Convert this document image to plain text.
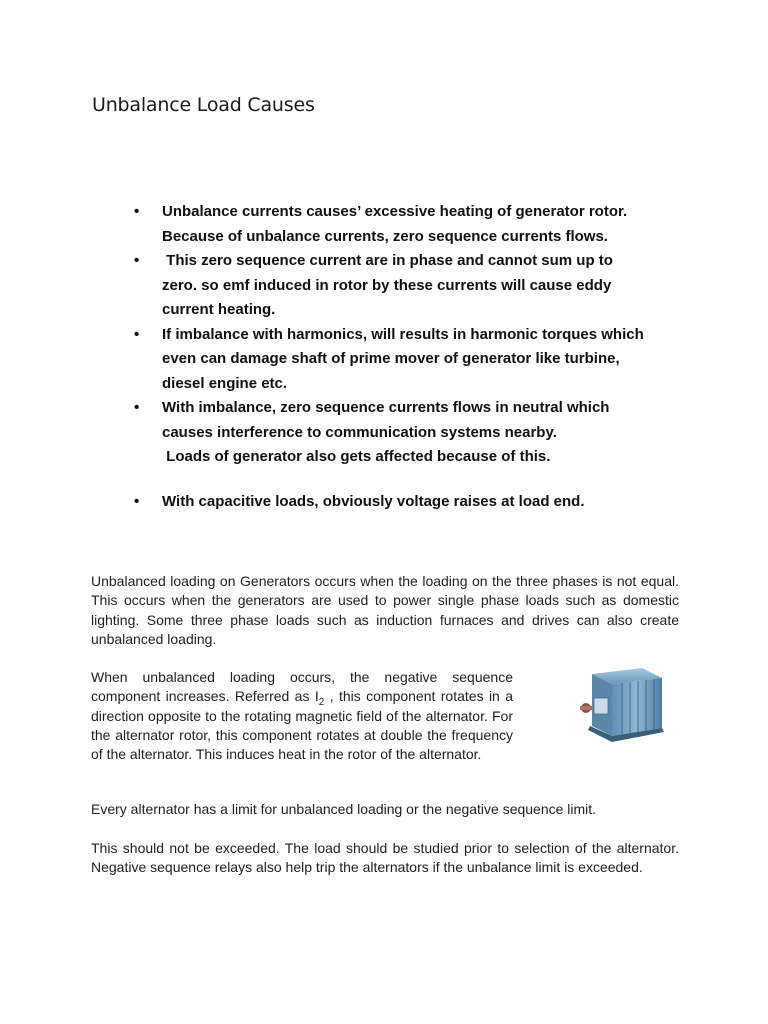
Unbalance Load Causes
• Unbalance currents causes’ excessive heating of generator rotor.
Because of unbalance currents, zero sequence currents flows.
• This zero sequence current are in phase and cannot sum up to
zero. so emf induced in rotor by these currents will cause eddy
current heating.
• If imbalance with harmonics, will results in harmonic torques which
even can damage shaft of prime mover of generator like turbine,
diesel engine etc.
• With imbalance, zero sequence currents flows in neutral which
causes interference to communication systems nearby.
Loads of generator also gets affected because of this.
• With capacitive loads, obviously voltage raises at load end.

Unbalanced loading on Generators occurs when the loading on the three phases is not equal. This occurs when the generators are used to power single phase loads such as domestic lighting. Some three phase loads such as induction furnaces and drives can also create unbalanced loading.

When unbalanced loading occurs, the negative sequence component increases. Referred as $I_2$ , this component rotates in a direction opposite to the rotating magnetic field of the alternator. For the alternator rotor, this component rotates at double the frequency of the alternator. This induces heat in the rotor of the alternator.

Every alternator has a limit for unbalanced loading or the negative sequence limit.

This should not be exceeded. The load should be studied prior to selection of the alternator. Negative sequence relays also help trip the alternators if the unbalance limit is exceeded.
